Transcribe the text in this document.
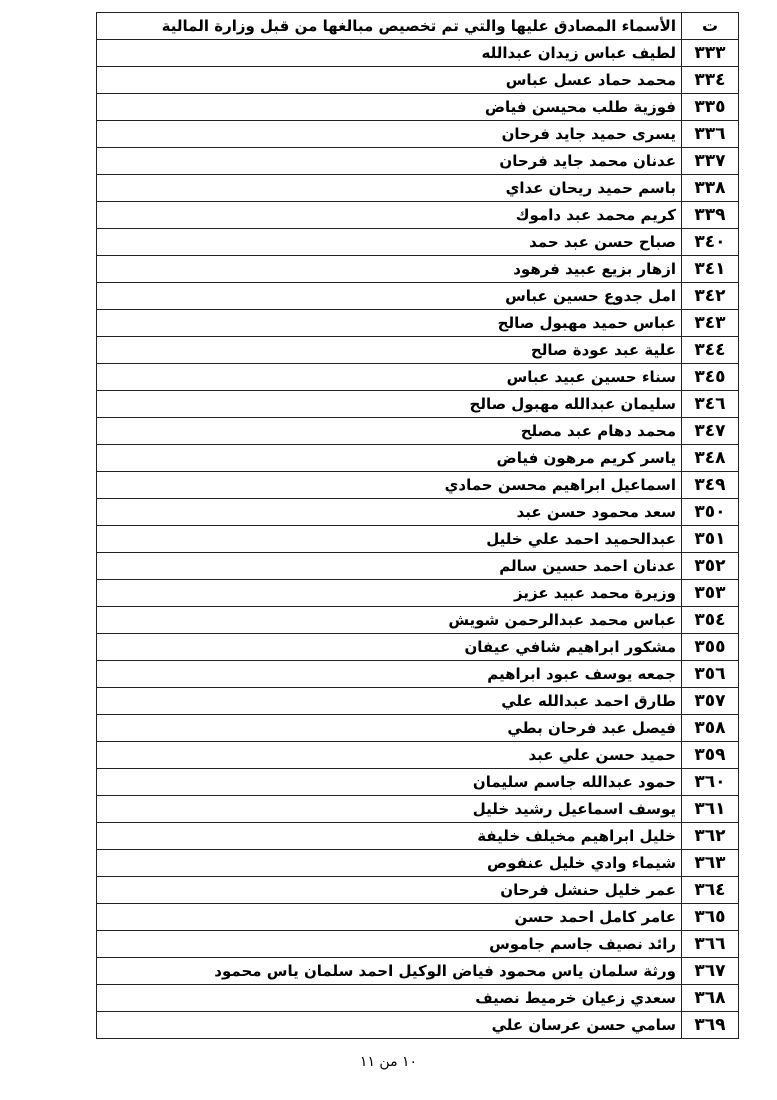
ت	الأسماء المصادق عليها والتي تم تخصيص مبالغها من قبل وزارة المالية
٣٣٣	لطيف عباس زيدان عبدالله
٣٣٤	محمد حماد عسل عباس
٣٣٥	فوزية طلب محيسن فياض
٣٣٦	يسرى حميد جايد فرحان
٣٣٧	عدنان محمد جايد فرحان
٣٣٨	باسم حميد ريحان عداي
٣٣٩	كريم محمد عبد داموك
٣٤٠	صباح حسن عبد حمد
٣٤١	ازهار بزيع عبيد فرهود
٣٤٢	امل جدوع حسين عباس
٣٤٣	عباس حميد مهبول صالح
٣٤٤	علية عبد عودة صالح
٣٤٥	سناء حسين عبيد عباس
٣٤٦	سليمان عبدالله مهبول صالح
٣٤٧	محمد دهام عبد مصلح
٣٤٨	ياسر كريم مرهون فياض
٣٤٩	اسماعيل ابراهيم محسن حمادي
٣٥٠	سعد محمود حسن عبد
٣٥١	عبدالحميد احمد علي خليل
٣٥٢	عدنان احمد حسين سالم
٣٥٣	وزيرة محمد عبيد عزيز
٣٥٤	عباس محمد عبدالرحمن شويش
٣٥٥	مشكور ابراهيم شافي عيفان
٣٥٦	جمعه يوسف عبود ابراهيم
٣٥٧	طارق احمد عبدالله علي
٣٥٨	فيصل عبد فرحان بطي
٣٥٩	حميد حسن علي عبد
٣٦٠	حمود عبدالله جاسم سليمان
٣٦١	يوسف اسماعيل رشيد خليل
٣٦٢	خليل ابراهيم مخيلف خليفة
٣٦٣	شيماء وادي خليل عنفوص
٣٦٤	عمر خليل حنشل فرحان
٣٦٥	عامر كامل احمد حسن
٣٦٦	رائد نصيف جاسم جاموس
٣٦٧	ورثة سلمان ياس محمود فياض الوكيل احمد سلمان ياس محمود
٣٦٨	سعدي زعيان خرميط نصيف
٣٦٩	سامي حسن عرسان علي
١٠ من ١١
